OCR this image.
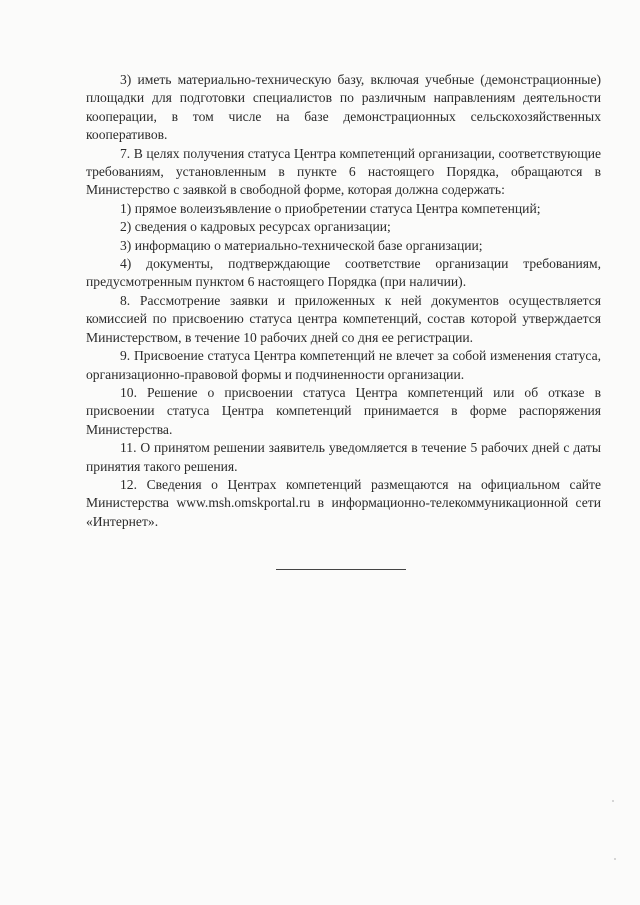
3) иметь материально-техническую базу, включая учебные (демонстрационные) площадки для подготовки специалистов по различным направлениям деятельности кооперации, в том числе на базе демонстрационных сельскохозяйственных кооперативов.

7. В целях получения статуса Центра компетенций организации, соответствующие требованиям, установленным в пункте 6 настоящего Порядка, обращаются в Министерство с заявкой в свободной форме, которая должна содержать:

1) прямое волеизъявление о приобретении статуса Центра компетенций;

2) сведения о кадровых ресурсах организации;

3) информацию о материально-технической базе организации;

4) документы, подтверждающие соответствие организации требованиям, предусмотренным пунктом 6 настоящего Порядка (при наличии).

8. Рассмотрение заявки и приложенных к ней документов осуществляется комиссией по присвоению статуса центра компетенций, состав которой утверждается Министерством, в течение 10 рабочих дней со дня ее регистрации.

9. Присвоение статуса Центра компетенций не влечет за собой изменения статуса, организационно-правовой формы и подчиненности организации.

10. Решение о присвоении статуса Центра компетенций или об отказе в присвоении статуса Центра компетенций принимается в форме распоряжения Министерства.

11. О принятом решении заявитель уведомляется в течение 5 рабочих дней с даты принятия такого решения.

12. Сведения о Центрах компетенций размещаются на официальном сайте Министерства www.msh.omskportal.ru в информационно-телекоммуникационной сети «Интернет».
